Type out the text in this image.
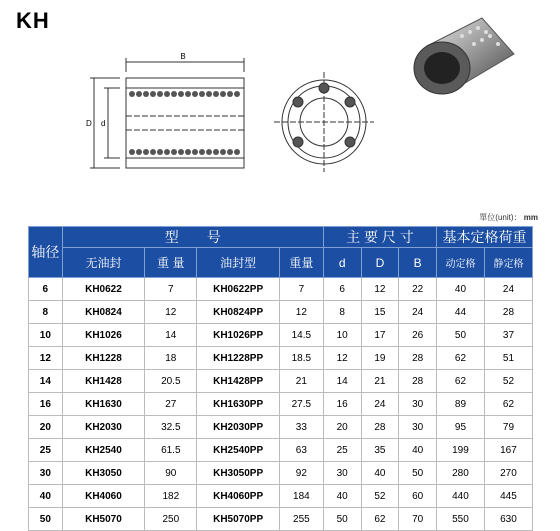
KH
B
D d
單位(unit)： mm
轴径	型　　号				主 要 尺 寸			基本定格荷重	
	无油封	重 量	油封型	重量	d	D	B	动定格	静定格
6	KH0622	7	KH0622PP	7	6	12	22	40	24
8	KH0824	12	KH0824PP	12	8	15	24	44	28
10	KH1026	14	KH1026PP	14.5	10	17	26	50	37
12	KH1228	18	KH1228PP	18.5	12	19	28	62	51
14	KH1428	20.5	KH1428PP	21	14	21	28	62	52
16	KH1630	27	KH1630PP	27.5	16	24	30	89	62
20	KH2030	32.5	KH2030PP	33	20	28	30	95	79
25	KH2540	61.5	KH2540PP	63	25	35	40	199	167
30	KH3050	90	KH3050PP	92	30	40	50	280	270
40	KH4060	182	KH4060PP	184	40	52	60	440	445
50	KH5070	250	KH5070PP	255	50	62	70	550	630
